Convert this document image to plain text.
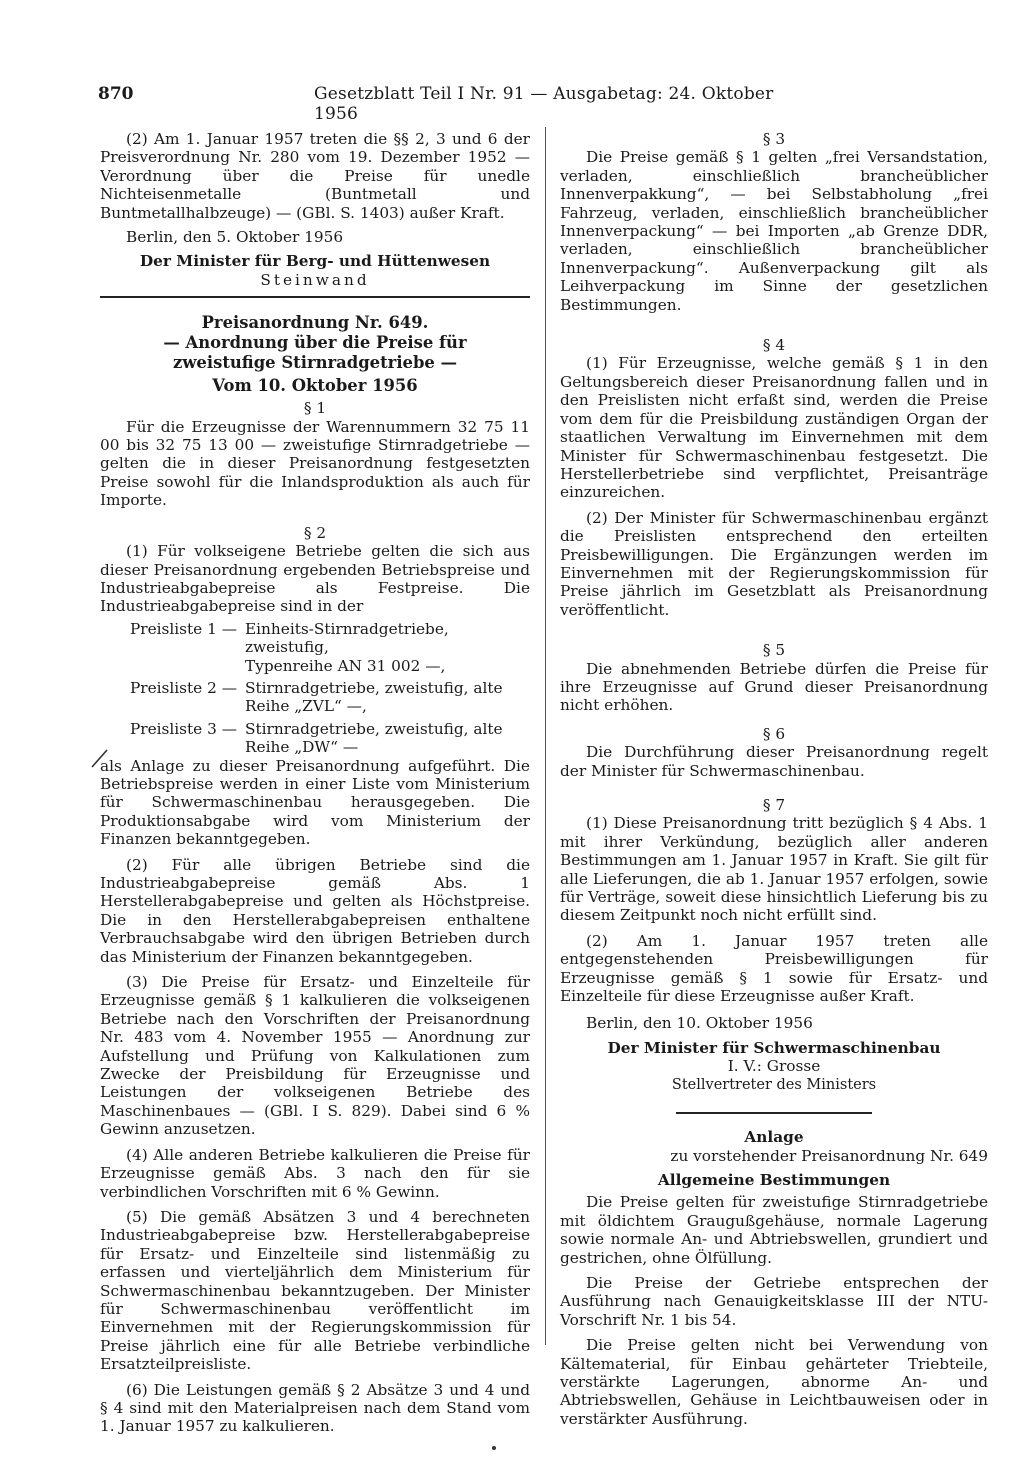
870	Gesetzblatt Teil I Nr. 91 — Ausgabetag: 24. Oktober 1956

(2) Am 1. Januar 1957 treten die §§ 2, 3 und 6 der Preisverordnung Nr. 280 vom 19. Dezember 1952 — Verordnung über die Preise für unedle Nichteisenmetalle (Buntmetall und Buntmetallhalbzeuge) — (GBl. S. 1403) außer Kraft.

Berlin, den 5. Oktober 1956

Der Minister für Berg- und Hüttenwesen

Steinwand

Preisanordnung Nr. 649.

— Anordnung über die Preise für zweistufige Stirnradgetriebe —

Vom 10. Oktober 1956

§ 1

Für die Erzeugnisse der Warennummern 32 75 11 00 bis 32 75 13 00 — zweistufige Stirnradgetriebe — gelten die in dieser Preisanordnung festgesetzten Preise sowohl für die Inlandsproduktion als auch für Importe.

§ 2

(1) Für volkseigene Betriebe gelten die sich aus dieser Preisanordnung ergebenden Betriebspreise und Industrieabgabepreise als Festpreise. Die Industrieabgabepreise sind in der

Preisliste 1 — Einheits-Stirnradgetriebe, zweistufig,
Typenreihe AN 31 002 —,
Preisliste 2 — Stirnradgetriebe, zweistufig, alte
Reihe „ZVL“ —,
Preisliste 3 — Stirnradgetriebe, zweistufig, alte
Reihe „DW“ —

als Anlage zu dieser Preisanordnung aufgeführt. Die Betriebspreise werden in einer Liste vom Ministerium für Schwermaschinenbau herausgegeben. Die Produktionsabgabe wird vom Ministerium der Finanzen bekanntgegeben.

(2) Für alle übrigen Betriebe sind die Industrieabgabepreise gemäß Abs. 1 Herstellerabgabepreise und gelten als Höchstpreise. Die in den Herstellerabgabepreisen enthaltene Verbrauchsabgabe wird den übrigen Betrieben durch das Ministerium der Finanzen bekanntgegeben.

(3) Die Preise für Ersatz- und Einzelteile für Erzeugnisse gemäß § 1 kalkulieren die volkseigenen Betriebe nach den Vorschriften der Preisanordnung Nr. 483 vom 4. November 1955 — Anordnung zur Aufstellung und Prüfung von Kalkulationen zum Zwecke der Preisbildung für Erzeugnisse und Leistungen der volkseigenen Betriebe des Maschinenbaues — (GBl. I S. 829). Dabei sind 6 % Gewinn anzusetzen.

(4) Alle anderen Betriebe kalkulieren die Preise für Erzeugnisse gemäß Abs. 3 nach den für sie verbindlichen Vorschriften mit 6 % Gewinn.

(5) Die gemäß Absätzen 3 und 4 berechneten Industrieabgabepreise bzw. Herstellerabgabepreise für Ersatz- und Einzelteile sind listenmäßig zu erfassen und vierteljährlich dem Ministerium für Schwermaschinenbau bekanntzugeben. Der Minister für Schwermaschinenbau veröffentlicht im Einvernehmen mit der Regierungskommission für Preise jährlich eine für alle Betriebe verbindliche Ersatzteilpreisliste.

(6) Die Leistungen gemäß § 2 Absätze 3 und 4 und § 4 sind mit den Materialpreisen nach dem Stand vom 1. Januar 1957 zu kalkulieren.

§ 3

Die Preise gemäß § 1 gelten „frei Versandstation, verladen, einschließlich brancheüblicher Innenverpakkung“, — bei Selbstabholung „frei Fahrzeug, verladen, einschließlich brancheüblicher Innenverpackung“ — bei Importen „ab Grenze DDR, verladen, einschließlich brancheüblicher Innenverpackung“. Außenverpackung gilt als Leihverpackung im Sinne der gesetzlichen Bestimmungen.

§ 4

(1) Für Erzeugnisse, welche gemäß § 1 in den Geltungsbereich dieser Preisanordnung fallen und in den Preislisten nicht erfaßt sind, werden die Preise vom dem für die Preisbildung zuständigen Organ der staatlichen Verwaltung im Einvernehmen mit dem Minister für Schwermaschinenbau festgesetzt. Die Herstellerbetriebe sind verpflichtet, Preisanträge einzureichen.

(2) Der Minister für Schwermaschinenbau ergänzt die Preislisten entsprechend den erteilten Preisbewilligungen. Die Ergänzungen werden im Einvernehmen mit der Regierungskommission für Preise jährlich im Gesetzblatt als Preisanordnung veröffentlicht.

§ 5

Die abnehmenden Betriebe dürfen die Preise für ihre Erzeugnisse auf Grund dieser Preisanordnung nicht erhöhen.

§ 6

Die Durchführung dieser Preisanordnung regelt der Minister für Schwermaschinenbau.

§ 7

(1) Diese Preisanordnung tritt bezüglich § 4 Abs. 1 mit ihrer Verkündung, bezüglich aller anderen Bestimmungen am 1. Januar 1957 in Kraft. Sie gilt für alle Lieferungen, die ab 1. Januar 1957 erfolgen, sowie für Verträge, soweit diese hinsichtlich Lieferung bis zu diesem Zeitpunkt noch nicht erfüllt sind.

(2) Am 1. Januar 1957 treten alle entgegenstehenden Preisbewilligungen für Erzeugnisse gemäß § 1 sowie für Ersatz- und Einzelteile für diese Erzeugnisse außer Kraft.

Berlin, den 10. Oktober 1956

Der Minister für Schwermaschinenbau

I. V.: Grosse

Stellvertreter des Ministers

Anlage

zu vorstehender Preisanordnung Nr. 649

Allgemeine Bestimmungen

Die Preise gelten für zweistufige Stirnradgetriebe mit öldichtem Graugußgehäuse, normale Lagerung sowie normale An- und Abtriebswellen, grundiert und gestrichen, ohne Ölfüllung.

Die Preise der Getriebe entsprechen der Ausführung nach Genauigkeitsklasse III der NTU-Vorschrift Nr. 1 bis 54.

Die Preise gelten nicht bei Verwendung von Kältematerial, für Einbau gehärteter Triebteile, verstärkte Lagerungen, abnorme An- und Abtriebswellen, Gehäuse in Leichtbauweisen oder in verstärkter Ausführung.
